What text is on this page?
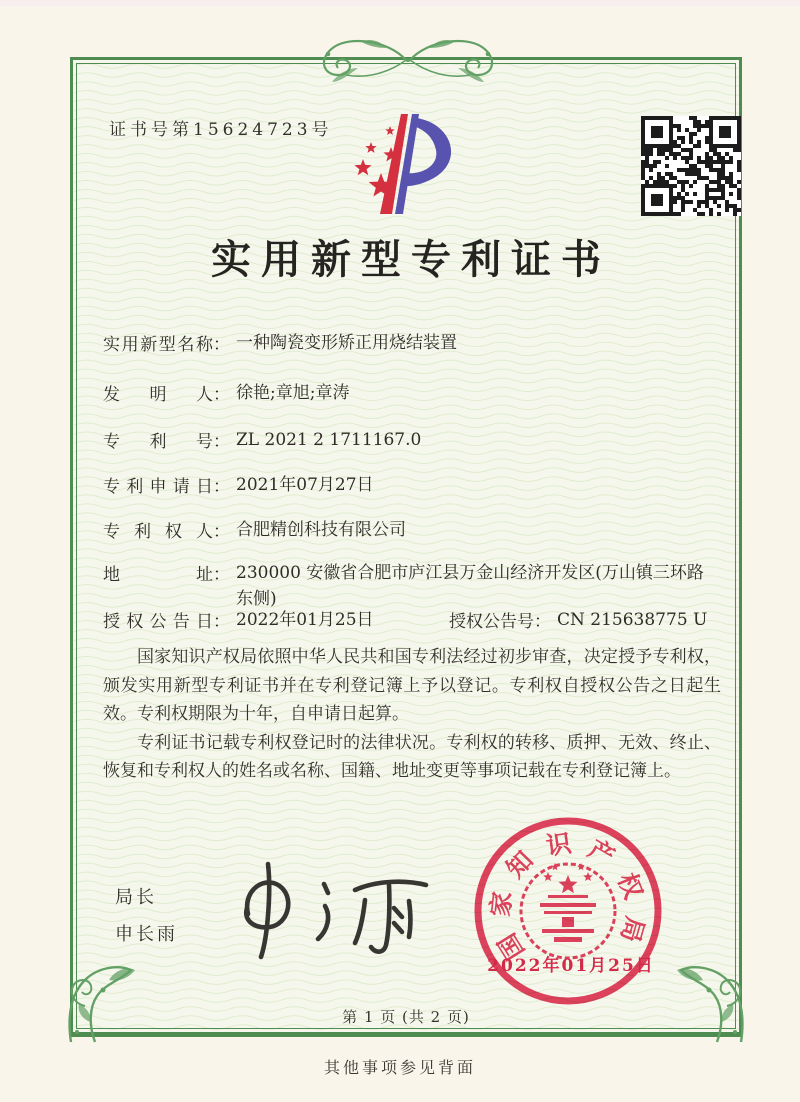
证书号第15624723号
实用新型专利证书
实用新型名称 ： 一种陶瓷变形矫正用烧结装置
发明人 ： 徐艳;章旭;章涛
专利号 ： ZL 2021 2 1711167.0
专利申请日 ： 2021年07月27日
专利权人 ： 合肥精创科技有限公司
地址 ： 230000 安徽省合肥市庐江县万金山经济开发区(万山镇三环路东侧)
授权公告日 ： 2022年01月25日	授权公告号 ： CN 215638775 U

国家知识产权局依照中华人民共和国专利法经过初步审查，决定授予专利权，颁发实用新型专利证书并在专利登记簿上予以登记。专利权自授权公告之日起生效。专利权期限为十年，自申请日起算。

专利证书记载专利权登记时的法律状况。专利权的转移、质押、无效、终止、恢复和专利权人的姓名或名称、国籍、地址变更等事项记载在专利登记簿上。

局长
申长雨	国
家
知
识 产
权
局
2022年01月25日
第 1 页 (共 2 页)
其他事项参见背面
